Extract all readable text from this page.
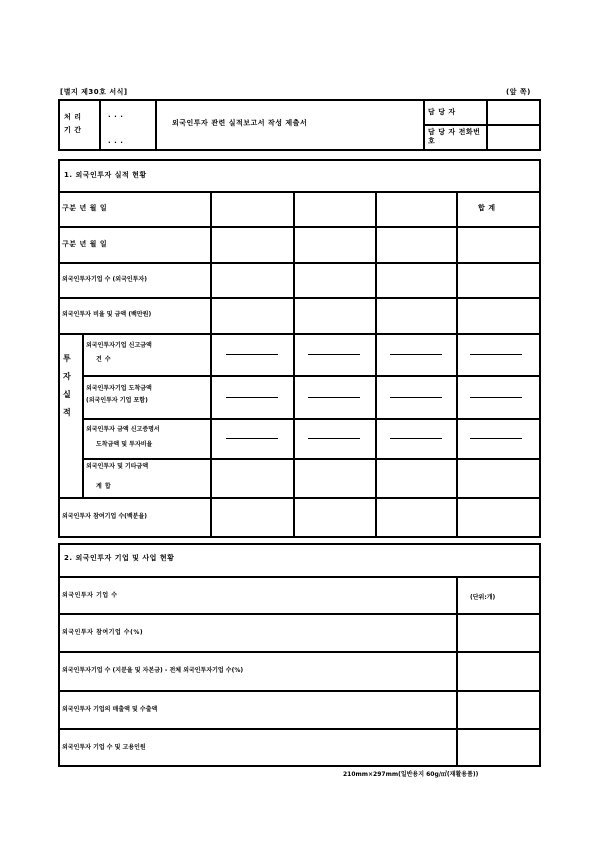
[별지 제30호 서식]	(앞 쪽)
처 리
기 간
· · ·
· · ·
외국인투자 관련 실적보고서 작성 제출서
담 당 자
담 당 자 전화번호
1. 외국인투자 실적 현황
구분 년 월 일	합 계
구분 년 월 일
외국인투자기업 수 (외국인투자)
외국인투자 비율 및 금액 (백만원)
투 자 실 적
외국인투자기업 신고금액
건 수
외국인투자기업 도착금액
(외국인투자 기업 포함)
외국인투자 금액 신고증명서
도착금액 및 투자비율
외국인투자 및 기타금액
계 합
외국인투자 참여기업 수(백분율)
2. 외국인투자 기업 및 사업 현황
외국인투자 기업 수	(단위:개)
외국인투자 참여기업 수(%)
외국인투자기업 수 (지분율 및 자본금) - 전체 외국인투자기업 수(%)
외국인투자 기업의 매출액 및 수출액
외국인투자 기업 수 및 고용인원
210mm×297mm(일반용지 60g/㎡(재활용품))
